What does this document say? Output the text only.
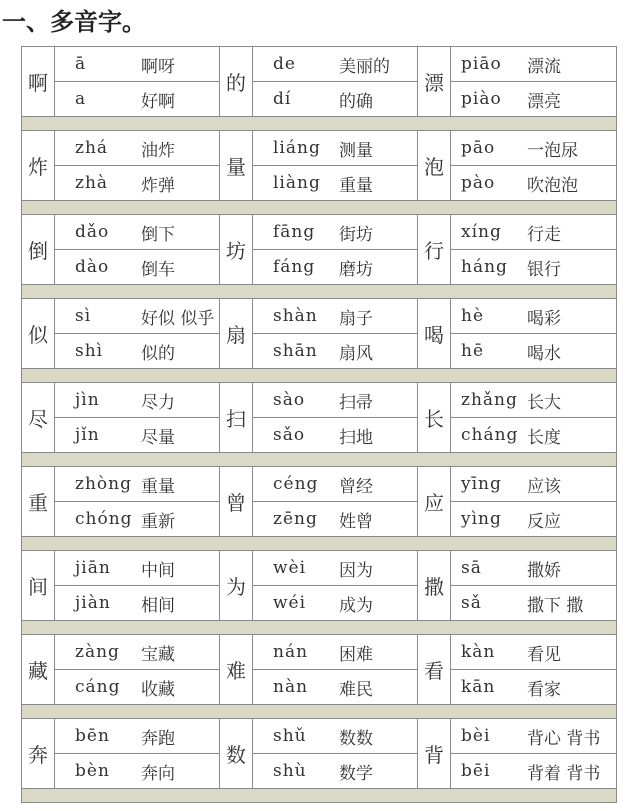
一、多音字。
啊
ā	啊呀
a	好啊
的
de	美丽的
dí	的确
漂
piāo	漂流
piào	漂亮
炸
zhá	油炸
zhà	炸弹
量
liáng	测量
liàng	重量
泡
pāo	一泡尿
pào	吹泡泡
倒
dǎo	倒下
dào	倒车
坊
fāng	街坊
fáng	磨坊
行
xíng	行走
háng	银行
似
sì	好似 似乎
shì	似的
扇
shàn	扇子
shān	扇风
喝
hè	喝彩
hē	喝水
尽
jìn	尽力
jǐn	尽量
扫
sào	扫帚
sǎo	扫地
长
zhǎng 长大
cháng 长度
重
zhòng 重量
chóng 重新
曾
céng	曾经
zēng	姓曾
应
yīng	应该
yìng	反应
间
jiān	中间
jiàn	相间
为
wèi	因为
wéi	成为
撒
sā	撒娇
sǎ	撒下 撒
藏
zàng	宝藏
cáng	收藏
难
nán	困难
nàn	难民
看
kàn	看见
kān	看家
奔
bēn	奔跑
bèn	奔向
数
shǔ	数数
shù	数学
背
bèi	背心 背书
bēi	背着 背书
